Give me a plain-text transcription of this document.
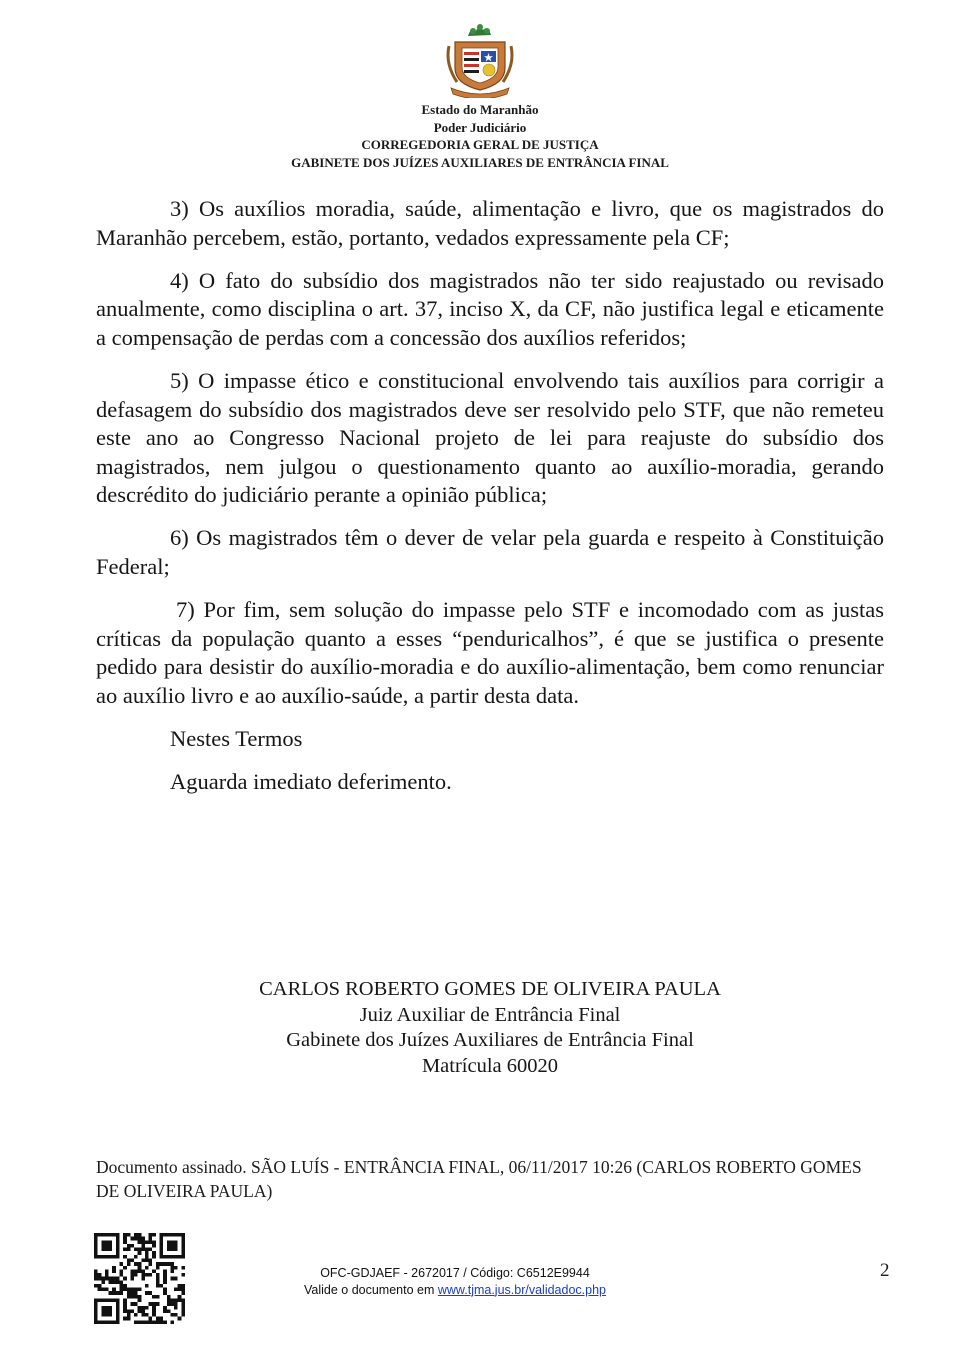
Estado do Maranhão
Poder Judiciário
CORREGEDORIA GERAL DE JUSTIÇA
GABINETE DOS JUÍZES AUXILIARES DE ENTRÂNCIA FINAL

3) Os auxílios moradia, saúde, alimentação e livro, que os magistrados do Maranhão percebem, estão, portanto, vedados expressamente pela CF;

4) O fato do subsídio dos magistrados não ter sido reajustado ou revisado anualmente, como disciplina o art. 37, inciso X, da CF, não justifica legal e eticamente a compensação de perdas com a concessão dos auxílios referidos;

5) O impasse ético e constitucional envolvendo tais auxílios para corrigir a defasagem do subsídio dos magistrados deve ser resolvido pelo STF, que não remeteu este ano ao Congresso Nacional projeto de lei para reajuste do subsídio dos magistrados, nem julgou o questionamento quanto ao auxílio-moradia, gerando descrédito do judiciário perante a opinião pública;

6) Os magistrados têm o dever de velar pela guarda e respeito à Constituição Federal;

7) Por fim, sem solução do impasse pelo STF e incomodado com as justas críticas da população quanto a esses “penduricalhos”, é que se justifica o presente pedido para desistir do auxílio-moradia e do auxílio-alimentação, bem como renunciar ao auxílio livro e ao auxílio-saúde, a partir desta data.

Nestes Termos

Aguarda imediato deferimento.

CARLOS ROBERTO GOMES DE OLIVEIRA PAULA
Juiz Auxiliar de Entrância Final
Gabinete dos Juízes Auxiliares de Entrância Final
Matrícula 60020
Documento assinado. SÃO LUÍS - ENTRÂNCIA FINAL, 06/11/2017 10:26 (CARLOS ROBERTO GOMES DE OLIVEIRA PAULA)
OFC-GDJAEF - 2672017 / Código: C6512E9944
Valide o documento em www.tjma.jus.br/validadoc.php
2
